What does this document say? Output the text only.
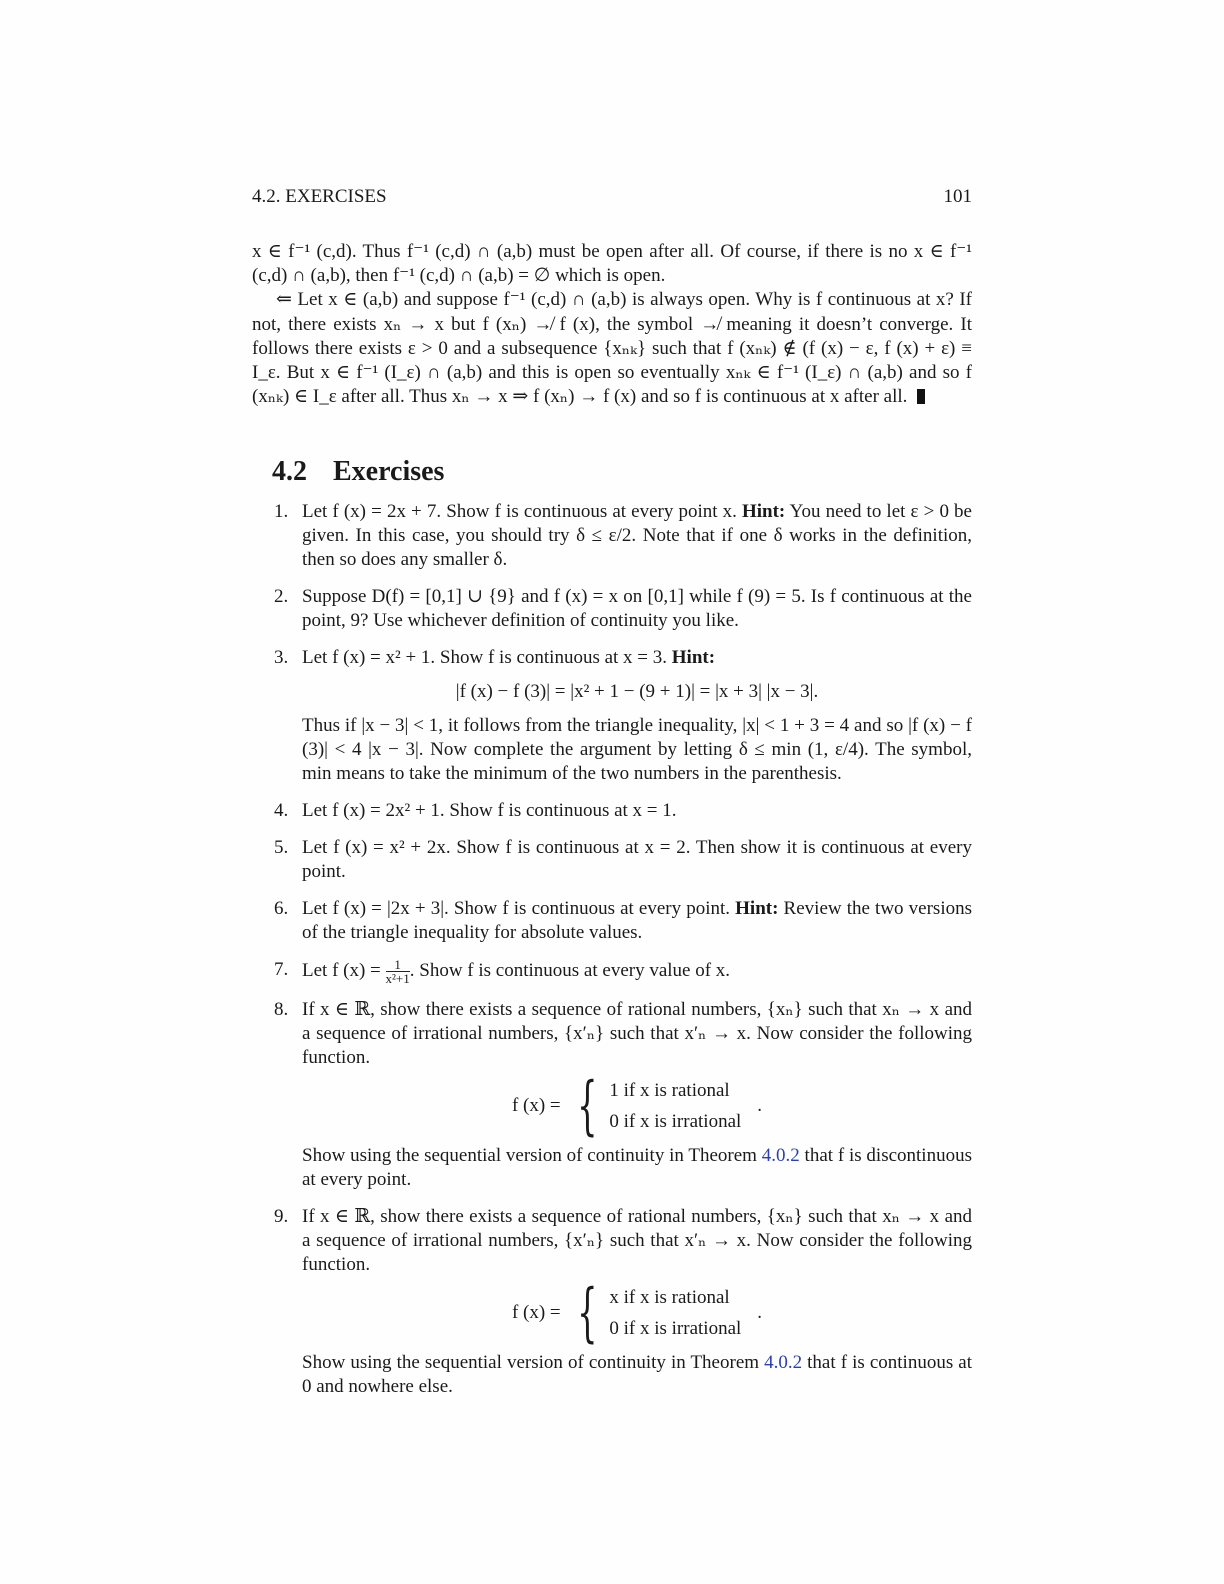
4.2. EXERCISES	101

x ∈ f⁻¹ (c,d). Thus f⁻¹ (c,d) ∩ (a,b) must be open after all. Of course, if there is no x ∈ f⁻¹ (c,d) ∩ (a,b), then f⁻¹ (c,d) ∩ (a,b) = ∅ which is open.

⇐ Let x ∈ (a,b) and suppose f⁻¹ (c,d) ∩ (a,b) is always open. Why is f continuous at x? If not, there exists xₙ → x but f (xₙ) ↛ f (x), the symbol ↛ meaning it doesn’t converge. It follows there exists ε > 0 and a subsequence {xₙₖ} such that f (xₙₖ) ∉ (f (x) − ε, f (x) + ε) ≡ I_ε. But x ∈ f⁻¹ (I_ε) ∩ (a,b) and this is open so eventually xₙₖ ∈ f⁻¹ (I_ε) ∩ (a,b) and so f (xₙₖ) ∈ I_ε after all. Thus xₙ → x ⇒ f (xₙ) → f (x) and so f is continuous at x after all.

4.2 Exercises
1. Let f (x) = 2x + 7. Show f is continuous at every point x. Hint: You need to let ε > 0 be given. In this case, you should try δ ≤ ε/2. Note that if one δ works in the definition, then so does any smaller δ.
2. Suppose D(f) = [0,1] ∪ {9} and f (x) = x on [0,1] while f (9) = 5. Is f continuous at the point, 9? Use whichever definition of continuity you like.
3. Let f (x) = x² + 1. Show f is continuous at x = 3. Hint:
|f (x) − f (3)| = |x² + 1 − (9 + 1)| = |x + 3| |x − 3|.
Thus if |x − 3| < 1, it follows from the triangle inequality, |x| < 1 + 3 = 4 and so |f (x) − f (3)| < 4 |x − 3|. Now complete the argument by letting δ ≤ min (1, ε/4). The symbol, min means to take the minimum of the two numbers in the parenthesis.
4. Let f (x) = 2x² + 1. Show f is continuous at x = 1.
5. Let f (x) = x² + 2x. Show f is continuous at x = 2. Then show it is continuous at every point.
6. Let f (x) = |2x + 3|. Show f is continuous at every point. Hint: Review the two versions of the triangle inequality for absolute values.
7. Let f $(x) = \frac{1}{\text{x²+1}}$ . Show f is continuous at every value of x.
8. If x ∈ ℝ, show there exists a sequence of rational numbers, {xₙ} such that xₙ → x and a sequence of irrational numbers, {x′ₙ} such that x′ₙ → x. Now consider the following function.
f (x) = { 1 if x is rational
0 if x is irrational
.
Show using the sequential version of continuity in Theorem 4.0.2 that f is discontinuous at every point.
9. If x ∈ ℝ, show there exists a sequence of rational numbers, {xₙ} such that xₙ → x and a sequence of irrational numbers, {x′ₙ} such that x′ₙ → x. Now consider the following function.
f (x) = { x if x is rational
0 if x is irrational
.
Show using the sequential version of continuity in Theorem 4.0.2 that f is continuous at 0 and nowhere else.
